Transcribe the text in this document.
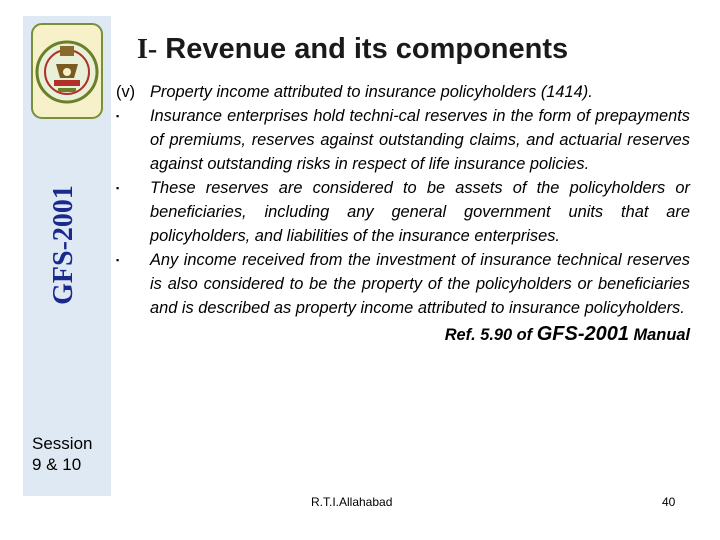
GFS-2001
Session
9 & 10
I- Revenue and its components
(v) Property income attributed to insurance policyholders (1414).
▪ Insurance enterprises hold techni-cal reserves in the form of prepayments of premiums, reserves against outstanding claims, and actuarial reserves against outstanding risks in respect of life insurance policies.
▪ These reserves are considered to be assets of the policyholders or beneficiaries, including any general government units that are policyholders, and liabilities of the insurance enterprises.
▪ Any income received from the investment of insurance technical reserves is also considered to be the property of the policyholders or beneficiaries and is described as property income attributed to insurance policyholders.
Ref. 5.90 of GFS-2001 Manual
R.T.I.Allahabad	40
